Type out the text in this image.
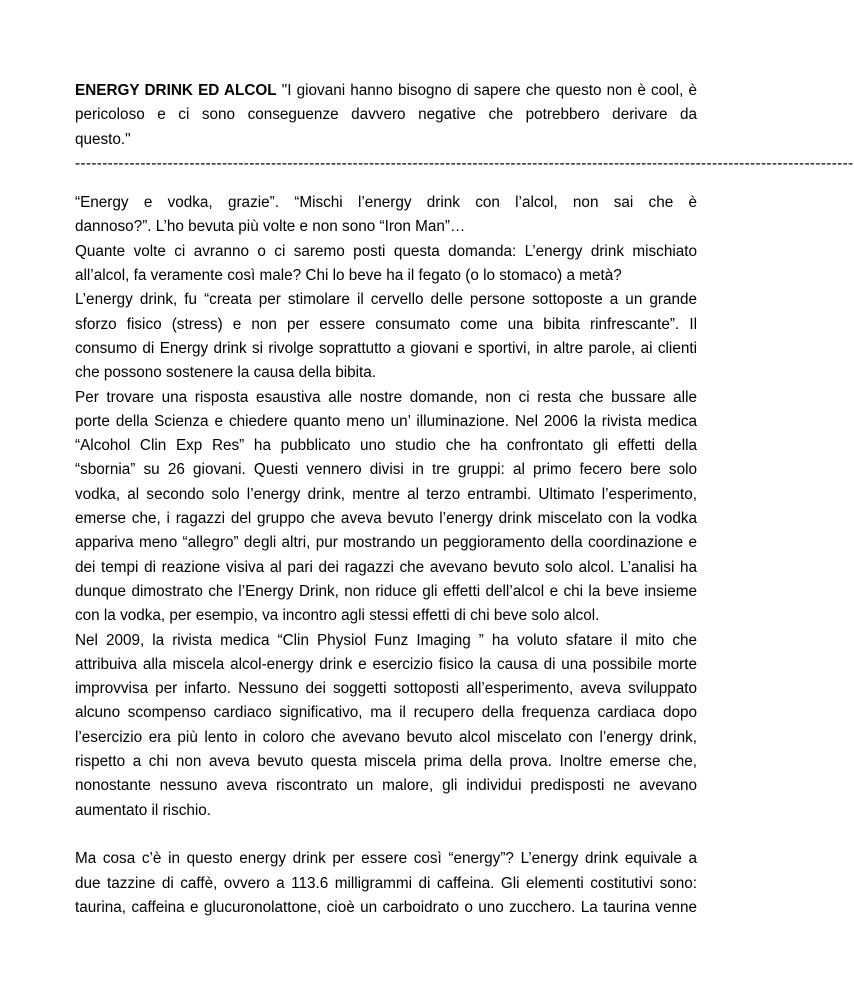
ENERGY DRINK ED ALCOL "I giovani hanno bisogno di sapere che questo non è cool, è
pericoloso e ci sono conseguenze davvero negative che potrebbero derivare da
questo."
-----------------------------------------------------------------------------------------------------------------------------------------------
“Energy e vodka, grazie”. “Mischi l’energy drink con l’alcol, non sai che è
dannoso?”. L’ho bevuta più volte e non sono “Iron Man”…
Quante volte ci avranno o ci saremo posti questa domanda: L’energy drink mischiato
all’alcol, fa veramente così male? Chi lo beve ha il fegato (o lo stomaco) a metà?
L’energy drink, fu “creata per stimolare il cervello delle persone sottoposte a un grande
sforzo fisico (stress) e non per essere consumato come una bibita rinfrescante”. Il
consumo di Energy drink si rivolge soprattutto a giovani e sportivi, in altre parole, ai clienti
che possono sostenere la causa della bibita.
Per trovare una risposta esaustiva alle nostre domande, non ci resta che bussare alle
porte della Scienza e chiedere quanto meno un’ illuminazione. Nel 2006 la rivista medica
“Alcohol Clin Exp Res” ha pubblicato uno studio che ha confrontato gli effetti della
“sbornia” su 26 giovani. Questi vennero divisi in tre gruppi: al primo fecero bere solo
vodka, al secondo solo l’energy drink, mentre al terzo entrambi. Ultimato l’esperimento,
emerse che, i ragazzi del gruppo che aveva bevuto l’energy drink miscelato con la vodka
appariva meno “allegro” degli altri, pur mostrando un peggioramento della coordinazione e
dei tempi di reazione visiva al pari dei ragazzi che avevano bevuto solo alcol. L’analisi ha
dunque dimostrato che l’Energy Drink, non riduce gli effetti dell’alcol e chi la beve insieme
con la vodka, per esempio, va incontro agli stessi effetti di chi beve solo alcol.
Nel 2009, la rivista medica “Clin Physiol Funz Imaging ” ha voluto sfatare il mito che
attribuiva alla miscela alcol-energy drink e esercizio fisico la causa di una possibile morte
improvvisa per infarto. Nessuno dei soggetti sottoposti all’esperimento, aveva sviluppato
alcuno scompenso cardiaco significativo, ma il recupero della frequenza cardiaca dopo
l’esercizio era più lento in coloro che avevano bevuto alcol miscelato con l’energy drink,
rispetto a chi non aveva bevuto questa miscela prima della prova. Inoltre emerse che,
nonostante nessuno aveva riscontrato un malore, gli individui predisposti ne avevano
aumentato il rischio.
Ma cosa c’è in questo energy drink per essere così “energy”? L’energy drink equivale a
due tazzine di caffè, ovvero a 113.6 milligrammi di caffeina. Gli elementi costitutivi sono:
taurina, caffeina e glucuronolattone, cioè un carboidrato o uno zucchero. La taurina venne
